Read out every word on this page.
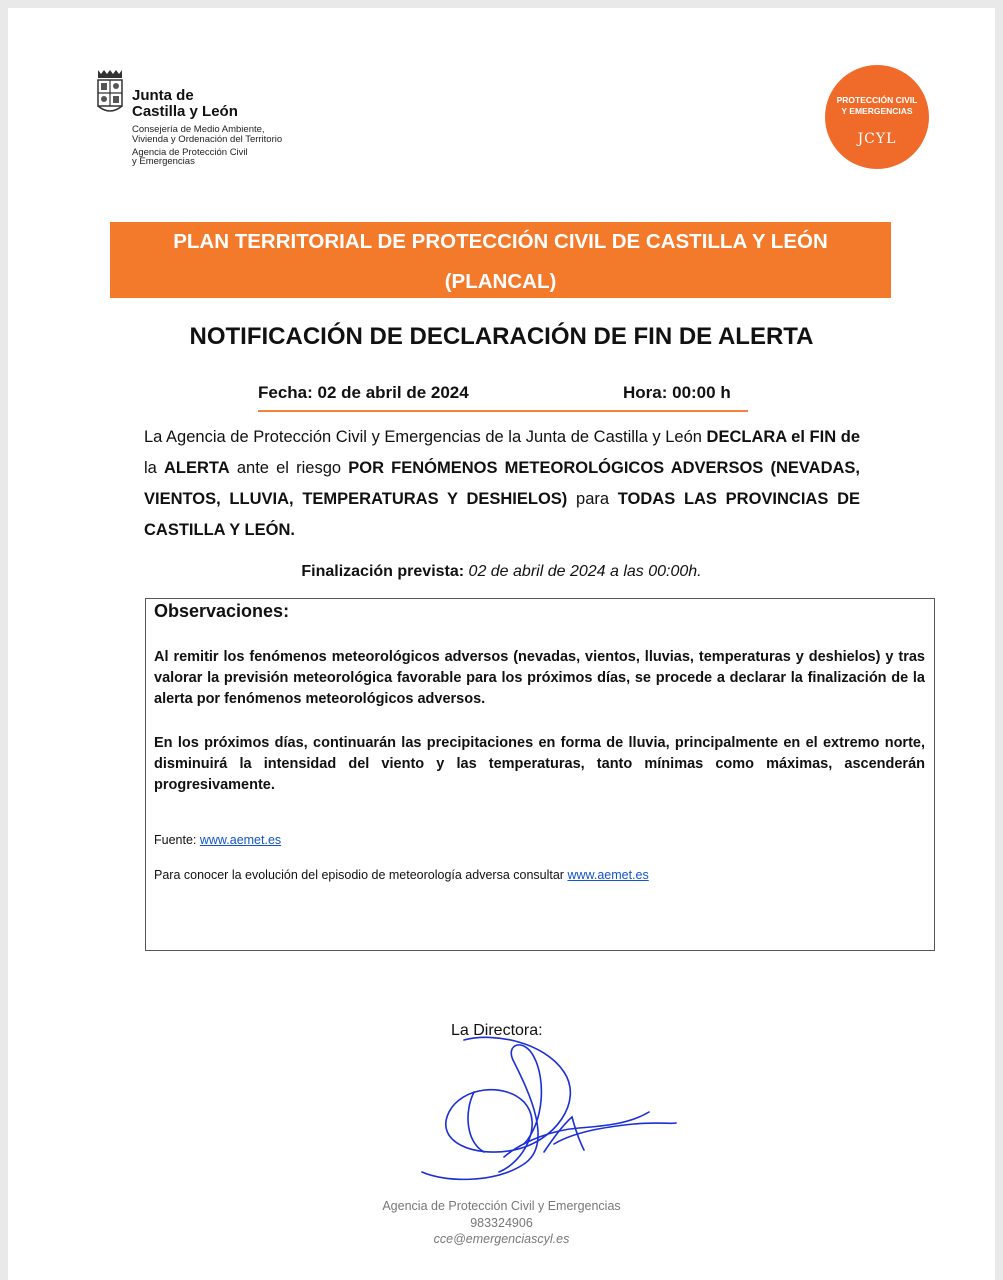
Junta de
Castilla y León
Consejería de Medio Ambiente,
Vivienda y Ordenación del Territorio
Agencia de Protección Civil
y Emergencias
PROTECCIÓN CIVIL
Y EMERGENCIAS
JCYL
PLAN TERRITORIAL DE PROTECCIÓN CIVIL DE CASTILLA Y LEÓN
(PLANCAL)
NOTIFICACIÓN DE DECLARACIÓN DE FIN DE ALERTA
Fecha: 02 de abril de 2024	Hora: 00:00 h
La Agencia de Protección Civil y Emergencias de la Junta de Castilla y León DECLARA el FIN de la ALERTA ante el riesgo POR FENÓMENOS METEOROLÓGICOS ADVERSOS (NEVADAS, VIENTOS, LLUVIA, TEMPERATURAS Y DESHIELOS) para TODAS LAS PROVINCIAS DE CASTILLA Y LEÓN.
Finalización prevista: 02 de abril de 2024 a las 00:00h.
Observaciones:
Al remitir los fenómenos meteorológicos adversos (nevadas, vientos, lluvias, temperaturas y deshielos) y tras valorar la previsión meteorológica favorable para los próximos días, se procede a declarar la finalización de la alerta por fenómenos meteorológicos adversos.
En los próximos días, continuarán las precipitaciones en forma de lluvia, principalmente en el extremo norte, disminuirá la intensidad del viento y las temperaturas, tanto mínimas como máximas, ascenderán progresivamente.
Fuente: www.aemet.es
Para conocer la evolución del episodio de meteorología adversa consultar www.aemet.es
La Directora:
Agencia de Protección Civil y Emergencias
983324906
cce@emergenciascyl.es
